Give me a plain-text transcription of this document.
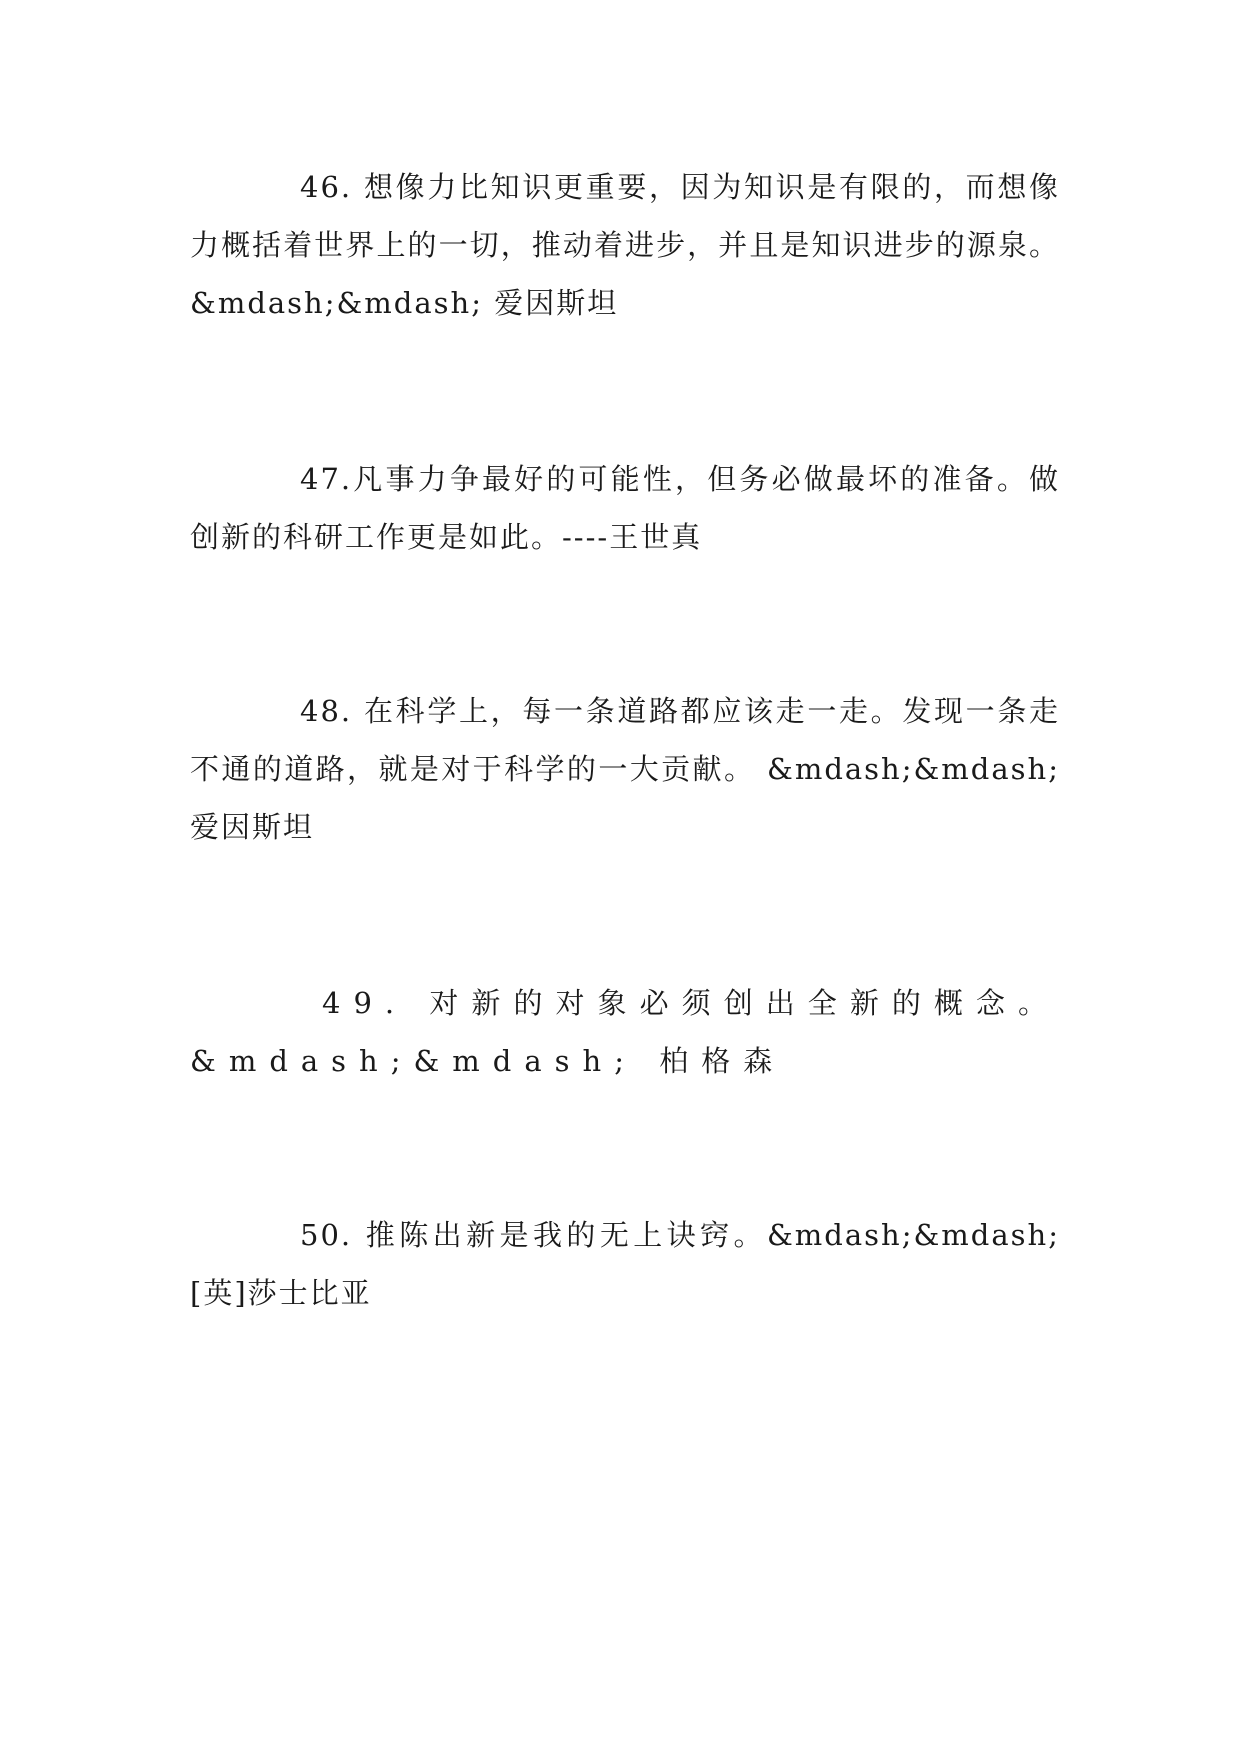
46. 想像力比知识更重要，因为知识是有限的，而想像力概括着世界上的一切，推动着进步，并且是知识进步的源泉。 &mdash;&mdash; 爱因斯坦

47.凡事力争最好的可能性，但务必做最坏的准备。做创新的科研工作更是如此。----王世真

48. 在科学上，每一条道路都应该走一走。发现一条走不通的道路，就是对于科学的一大贡献。 &mdash;&mdash; 爱因斯坦

49. 对新的对象必须创出全新的概念。&mdash;&mdash; 柏格森

50. 推陈出新是我的无上诀窍。&mdash;&mdash;[英]莎士比亚
